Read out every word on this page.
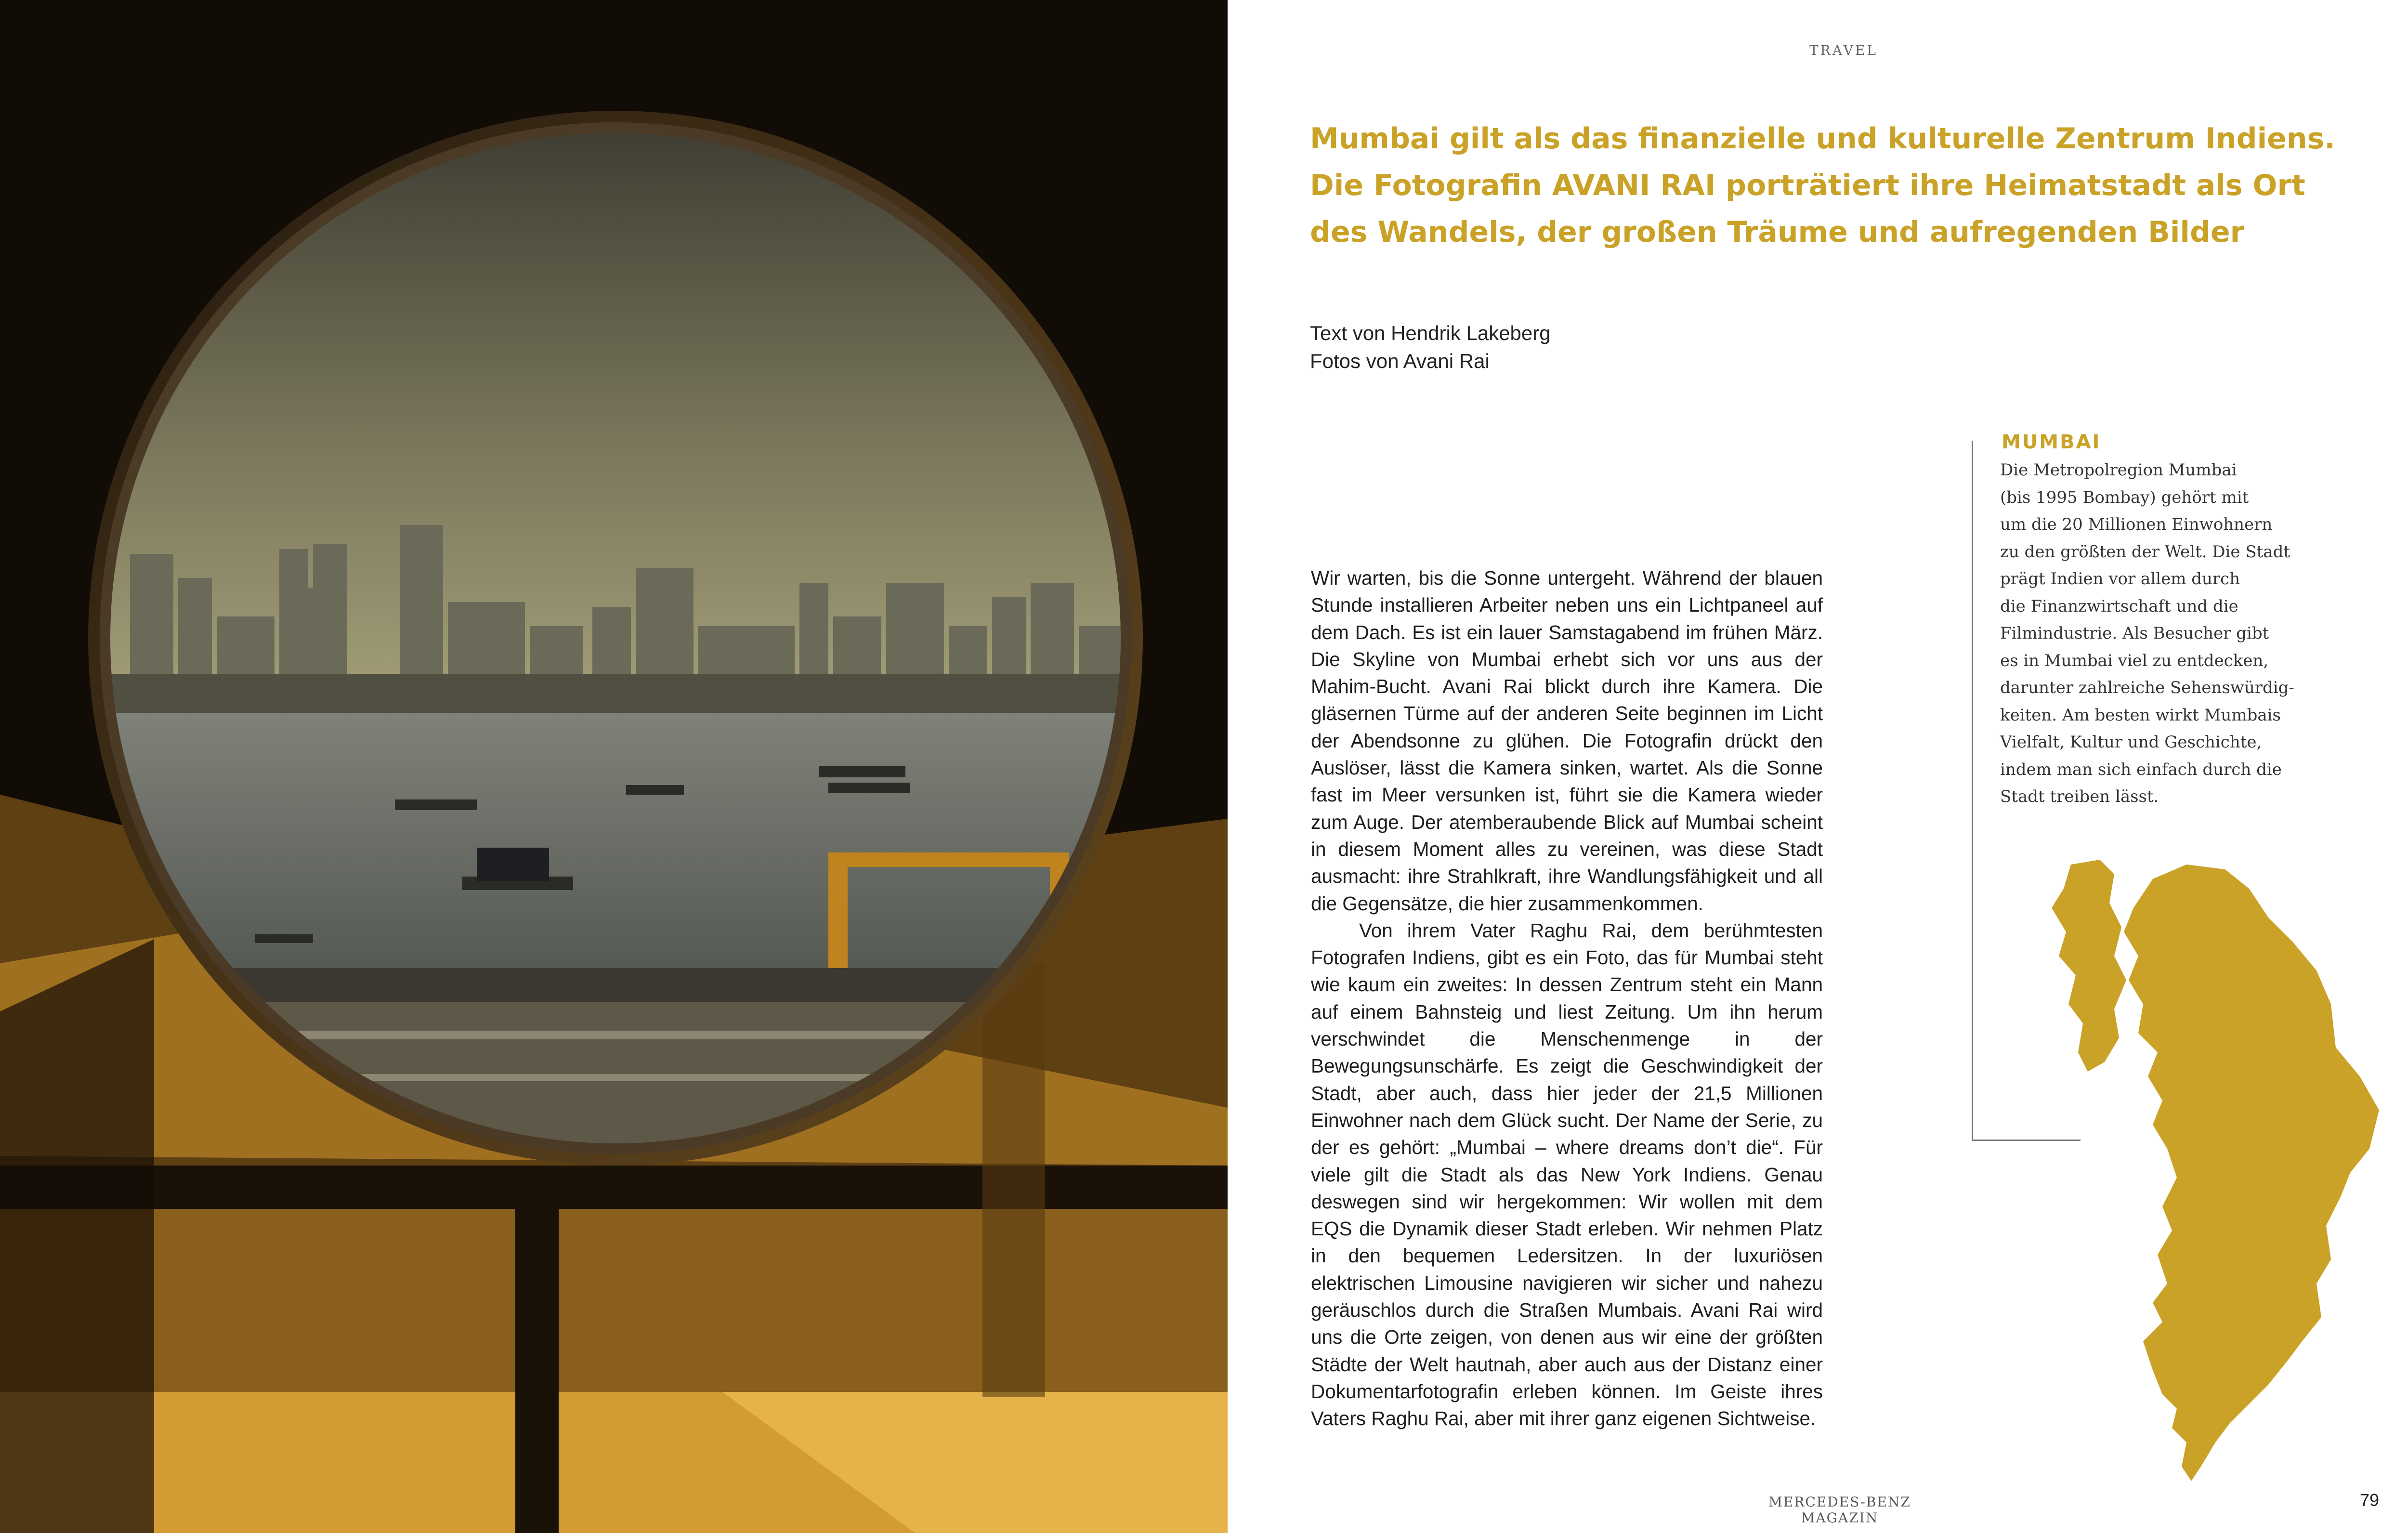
TRAVEL
Mumbai gilt als das finanzielle und kulturelle Zentrum Indiens.
Die Fotografin AVANI RAI porträtiert ihre Heimatstadt als Ort
des Wandels, der großen Träume und aufregenden Bilder
Text von Hendrik Lakeberg
Fotos von Avani Rai

Wir warten, bis die Sonne untergeht. Während der blauen Stunde installieren Arbeiter neben uns ein Lichtpaneel auf dem Dach. Es ist ein lauer Samstagabend im frühen März. Die Skyline von Mumbai erhebt sich vor uns aus der Mahim-Bucht. Avani Rai blickt durch ihre Kamera. Die gläsernen Türme auf der anderen Seite beginnen im Licht der Abendsonne zu glühen. Die Fotografin drückt den Auslöser, lässt die Kamera sinken, wartet. Als die Sonne fast im Meer versunken ist, führt sie die Kamera wieder zum Auge. Der atemberaubende Blick auf Mumbai scheint in diesem Moment alles zu vereinen, was diese Stadt ausmacht: ihre Strahlkraft, ihre Wandlungsfähigkeit und all die Gegensätze, die hier zusammenkommen.

Von ihrem Vater Raghu Rai, dem berühmtesten Fotografen Indiens, gibt es ein Foto, das für Mumbai steht wie kaum ein zweites: In dessen Zentrum steht ein Mann auf einem Bahnsteig und liest Zeitung. Um ihn herum verschwindet die Menschenmenge in der Bewegungsunschärfe. Es zeigt die Geschwindigkeit der Stadt, aber auch, dass hier jeder der 21,5 Millionen Einwohner nach dem Glück sucht. Der Name der Serie, zu der es gehört: „Mumbai – where dreams don’t die“. Für viele gilt die Stadt als das New York Indiens. Genau deswegen sind wir hergekommen: Wir wollen mit dem EQS die Dynamik dieser Stadt erleben. Wir nehmen Platz in den bequemen Ledersitzen. In der luxuriösen elektrischen Limousine navigieren wir sicher und nahezu geräuschlos durch die Straßen Mumbais. Avani Rai wird uns die Orte zeigen, von denen aus wir eine der größten Städte der Welt hautnah, aber auch aus der Distanz einer Dokumentarfotografin erleben können. Im Geiste ihres Vaters Raghu Rai, aber mit ihrer ganz eigenen Sichtweise.

MUMBAI
Die Metropolregion Mumbai
(bis 1995 Bombay) gehört mit
um die 20 Millionen Einwohnern
zu den größten der Welt. Die Stadt
prägt Indien vor allem durch
die Finanzwirtschaft und die
Filmindustrie. Als Besucher gibt
es in Mumbai viel zu entdecken,
darunter zahlreiche Sehenswürdig-
keiten. Am besten wirkt Mumbais
Vielfalt, Kultur und Geschichte,
indem man sich einfach durch die
Stadt treiben lässt.
MERCEDES-BENZ MAGAZIN
79
